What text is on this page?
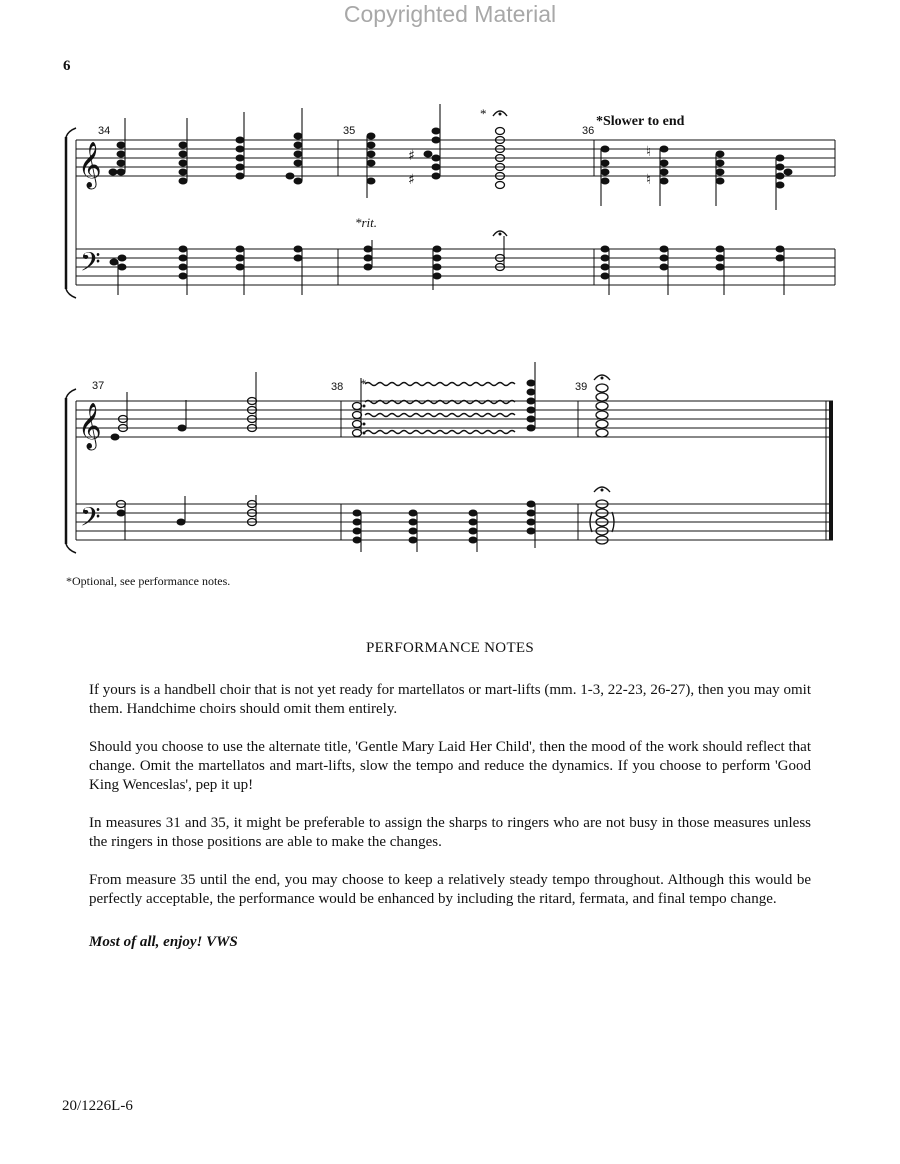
Copyrighted Material
6
𝄞
𝄢
𝄞
𝄢
34	35	36
37	38	39
*
*rit.
*Slower to end
*
♯
♯
♮
♮
*Optional, see performance notes.
PERFORMANCE NOTES

If yours is a handbell choir that is not yet ready for martellatos or mart-lifts (mm. 1-3, 22-23, 26-27), then you may omit them. Handchime choirs should omit them entirely.

Should you choose to use the alternate title, 'Gentle Mary Laid Her Child', then the mood of the work should reflect that change. Omit the martellatos and mart-lifts, slow the tempo and reduce the dynamics. If you choose to perform 'Good King Wenceslas', pep it up!

In measures 31 and 35, it might be preferable to assign the sharps to ringers who are not busy in those measures unless the ringers in those positions are able to make the changes.

From measure 35 until the end, you may choose to keep a relatively steady tempo throughout. Although this would be perfectly acceptable, the performance would be enhanced by including the ritard, fermata, and final tempo change.

Most of all, enjoy! VWS

20/1226L-6
